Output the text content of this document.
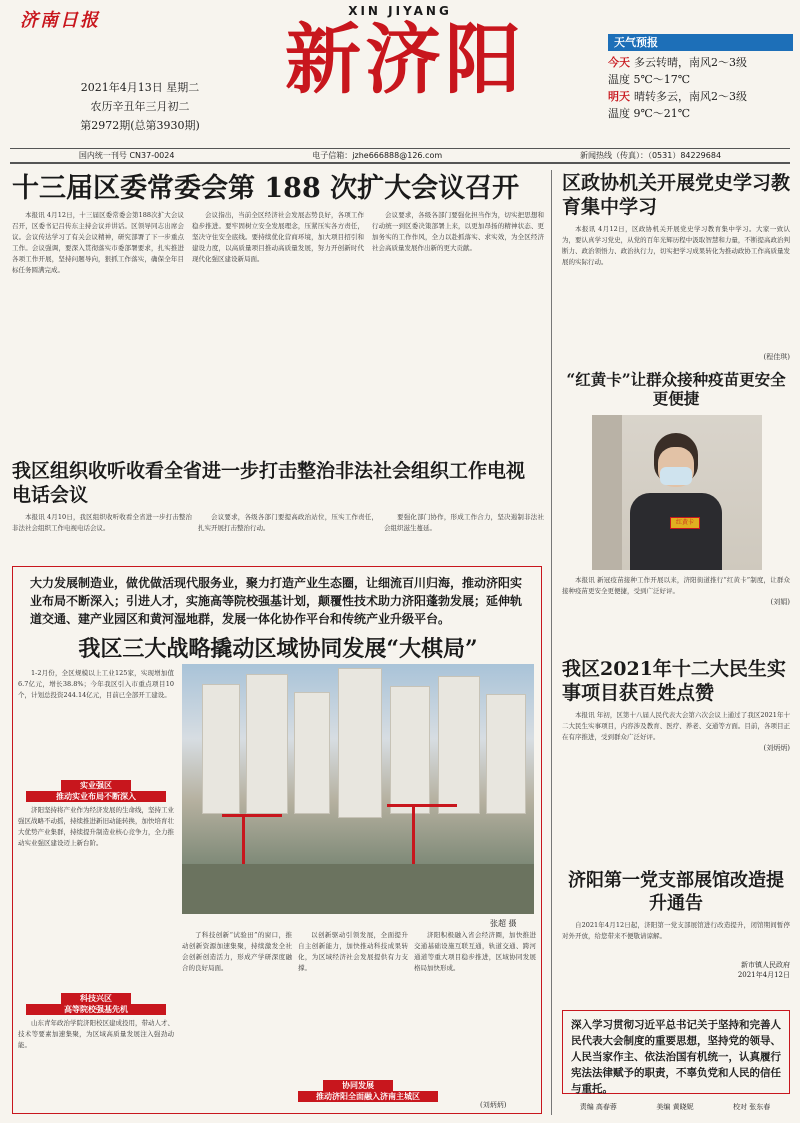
济南日报	XIN JIYANG
新济阳
2021年4月13日 星期二
农历辛丑年三月初二
第2972期(总第3930期)
天气预报
今天 多云转晴，南风2～3级
温度 5℃～17℃
明天 晴转多云，南风2～3级
温度 9℃～21℃
国内统一刊号 CN37-0024	电子信箱：jzhe666888@126.com	新闻热线（传真）：（0531）84229684
十三届区委常委会第 188 次扩大会议召开

本报讯 4月12日，十三届区委常委会第188次扩大会议召开，区委书记吕传东主持会议并讲话。区领导同志出席会议。会议传达学习了有关会议精神，研究部署了下一步重点工作。会议强调，要深入贯彻落实市委部署要求，扎实推进各项工作开展，坚持问题导向，狠抓工作落实，确保全年目标任务圆满完成。

会议指出，当前全区经济社会发展态势良好，各项工作稳步推进。要牢固树立安全发展理念，压紧压实各方责任，坚决守住安全底线。要持续优化营商环境，加大项目招引和建设力度，以高质量项目推动高质量发展，努力开创新时代现代化强区建设新局面。

会议要求，各级各部门要强化担当作为，切实把思想和行动统一到区委决策部署上来，以更加昂扬的精神状态、更加务实的工作作风，全力以赴抓落实、求实效，为全区经济社会高质量发展作出新的更大贡献。

我区组织收听收看全省进一步打击整治非法社会组织工作电视电话会议

本报讯 4月10日，我区组织收听收看全省进一步打击整治非法社会组织工作电视电话会议。

会议要求，各级各部门要提高政治站位，压实工作责任，扎实开展打击整治行动。

要强化部门协作，形成工作合力，坚决遏制非法社会组织滋生蔓延。

大力发展制造业，做优做活现代服务业，聚力打造产业生态圈，让细流百川归海，推动济阳实业布局不断深入；引进人才，实施高等院校强基计划，颠覆性技术助力济阳蓬勃发展；延伸轨道交通、建产业园区和黄河湿地群，发展一体化协作平台和传统产业升级平台。
我区三大战略撬动区域协同发展“大棋局”

1-2月份，全区规模以上工业125家，实现增加值6.7亿元，增长38.8%；今年我区引入市重点项目10个，计划总投资244.14亿元，目前已全部开工建设。

张超 摄
实业强区
推动实业布局不断深入

济阳坚持将产业作为经济发展的生命线，坚持工业强区战略不动摇，持续推进新旧动能转换，加快培育壮大优势产业集群，持续提升制造业核心竞争力，全力推动实业强区建设迈上新台阶。

科技兴区
高等院校强基先机

山东青年政治学院济阳校区建成投用，带动人才、技术等要素加速集聚，为区域高质量发展注入强劲动能。

了科技创新“试验田”的窗口，推动创新资源加速集聚，持续激发全社会创新创造活力，形成产学研深度融合的良好局面。

以创新驱动引领发展，全面提升自主创新能力，加快推动科技成果转化，为区域经济社会发展提供有力支撑。

协同发展
推动济阳全面融入济南主城区

济阳积极融入省会经济圈，加快推进交通基础设施互联互通，轨道交通、跨河通道等重大项目稳步推进，区域协同发展格局加快形成。

(刘炳炳)
区政协机关开展党史学习教育集中学习

本报讯 4月12日，区政协机关开展党史学习教育集中学习。大家一致认为，要认真学习党史，从党的百年光辉历程中汲取智慧和力量，不断提高政治判断力、政治领悟力、政治执行力，切实把学习成果转化为推动政协工作高质量发展的实际行动。

(程佳琪)
“红黄卡”让群众接种疫苗更安全更便捷
红黄卡

本报讯 新冠疫苗接种工作开展以来，济阳街道推行“红黄卡”制度，让群众接种疫苗更安全更便捷，受到广泛好评。

(刘娟)
我区2021年十二大民生实事项目获百姓点赞

本报讯 年初，区第十八届人民代表大会第六次会议上通过了我区2021年十二大民生实事项目，内容涉及教育、医疗、养老、交通等方面。目前，各项目正在有序推进，受到群众广泛好评。

(刘炳炳)
济阳第一党支部展馆改造提升通告

自2021年4月12日起，济阳第一党支部展馆进行改造提升，闭馆期间暂停对外开放，给您带来不便敬请谅解。

新市镇人民政府
2021年4月12日
深入学习贯彻习近平总书记关于坚持和完善人民代表大会制度的重要思想，坚持党的领导、人民当家作主、依法治国有机统一，认真履行宪法法律赋予的职责，不辜负党和人民的信任与重托。
责编 高春蓉	美编 黄晓妮	校对 张东春
